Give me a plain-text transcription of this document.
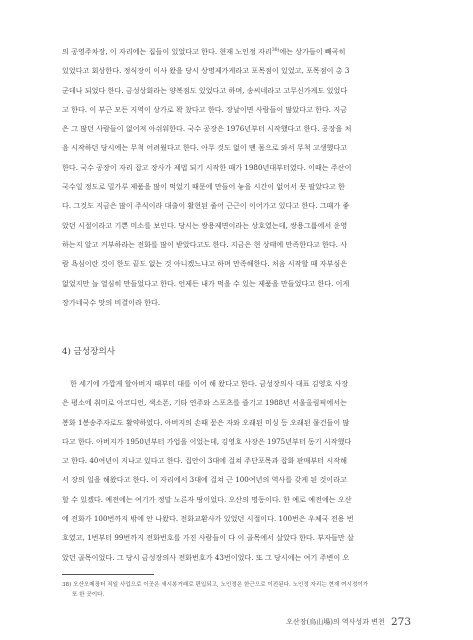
의 공영주차장, 이 자리에는 집들이 있었다고 한다. 현재 노인정 자리$^{38)}$에는 상가들이 빼곡히
있었다고 회상한다. 정식장이 이사 왔을 당시 상명제가게라고 포목점이 있었고, 포목점이 총 3
군데나 되었다 한다. 금성상회라는 양복점도 있었다고 하며, 송씨네라고 고무신가게도 있었다
고 한다. 이 부근 모든 지역이 상가로 꽉 찼다고 한다. 장날이면 사람들이 많았다고 한다. 지금
은 그 많던 사람들이 없어져 아쉬워한다. 국수 공장은 1976년부터 시작했다고 한다. 공장을 처
음 시작하던 당시에는 무척 어려웠다고 한다. 아무 것도 없이 맨 몸으로 와서 무척 고생했다고
한다. 국수 공장이 자리 잡고 장사가 제법 되기 시작한 때가 1980년대부터였다. 이때는 주산이
국수일 정도로 밀가루 제품을 많이 먹었기 때문에 만들어 놓을 시간이 없어서 못 팔았다고 한
다. 그것도 지금은 많이 주식이라 대출이 활현된 줄어 근근이 이어가고 있다고 한다. 그때가 좋
았던 시절이라고 기쁜 미소를 보인다. 당시는 쌍용제면이라는 상호였는데, 쌍용그룹에서 운영
하는지 알고 거부하라는 전화를 많이 받았다고도 한다. 지금은 현 상태에 만족한다고 한다. 사
람 욕심이란 것이 한도 끝도 없는 것 아니겠느냐고 하며 만족해한다. 처음 시작할 때 자부심은
없었지만 늘 열심히 만들었다고 한다. 언제든 내가 먹을 수 있는 제품을 만들었다고 한다. 이게
장가네국수 맛의 비결이라 한다.
4) 금성장의사
한 세기에 가깝게 할아버지 때부터 대를 이어 해 왔다고 한다. 금성장의사 대표 김영호 사장
은 평소에 취미로 아코디언, 색소폰, 기타 연주와 스포츠를 즐기고 1988년 서울올림픽에서는
봉화 1봉송주자로도 활약하였다. 아버지의 손때 묻은 자와 오래된 미싱 등 오래된 물건들이 많
다고 한다. 아버지가 1950년부터 가업을 이었는데, 김영호 사장은 1975년부터 동기 시작했다
고 한다. 40여년이 지나고 있다고 한다. 집안이 3대에 걸쳐 주단포목과 잡화 판매부터 시작해
서 장의 일을 해왔다고 한다. 이 자리에서 3대에 걸쳐 근 100여년의 역사를 갖게 된 것이라고
할 수 있겠다. 예전에는 여기가 정말 노른자 땅이었다. 오산의 명동이다. 한 예로 예전에는 오산
에 전화가 100번까지 밖에 안 나왔다. 전화교환사가 있었던 시절이다. 100번은 우체국 전용 번
호였고, 1번부터 99번까지 전화번호를 가진 사람들이 다 이 골목에서 살았다 한다. 부자들만 살
았던 골목이었다. 그 당시 금성장의사 전화번호가 43번이었다. 또 그 당시에는 여기 주변이 오
38) 오산오메장터 직일 사업으로 이곳은 새시봉거래로 편입되고, 노인정은 한근으로 이전된다. 노인정 자리는 현재 여시정이가
또 한 곳이다.
오산장(烏山場)의 역사성과 변천 273
